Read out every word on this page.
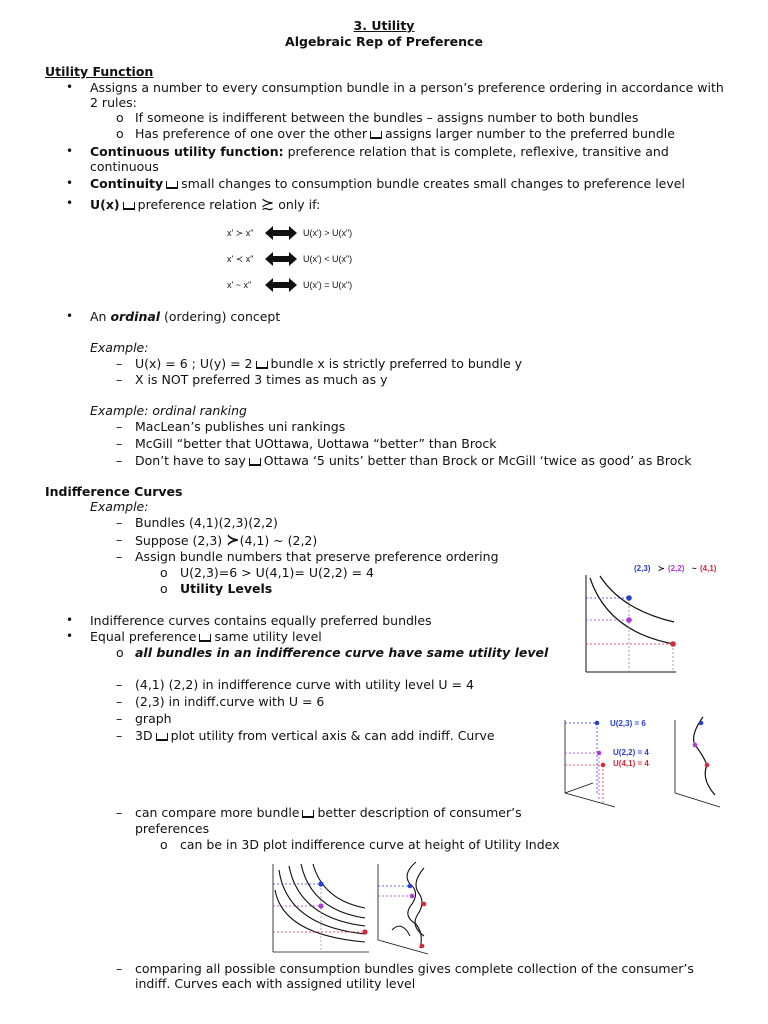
3. Utility
Algebraic Rep of Preference
Utility Function
• Assigns a number to every consumption bundle in a person’s preference ordering in accordance with
2 rules:
o If someone is indifferent between the bundles – assigns number to both bundles
o Has preference of one over the other assigns larger number to the preferred bundle
• Continuous utility function: preference relation that is complete, reflexive, transitive and
continuous
• Continuity small changes to consumption bundle creates small changes to preference level
• U(x) preference relation ≿ only if:
x' ≻ x"	U(x') > U(x")
x' ≺ x"	U(x') < U(x")
x' ~ x"	U(x') = U(x")
• An ordinal (ordering) concept
Example:
– U(x) = 6 ; U(y) = 2 bundle x is strictly preferred to bundle y
– X is NOT preferred 3 times as much as y
Example: ordinal ranking
– MacLean’s publishes uni rankings
– McGill “better that UOttawa, Uottawa “better” than Brock
– Don’t have to say Ottawa ‘5 units’ better than Brock or McGill ‘twice as good’ as Brock
Indifference Curves
Example:
– Bundles (4,1)(2,3)(2,2)
– Suppose (2,3) ≻(4,1) ~ (2,2)
– Assign bundle numbers that preserve preference ordering
o U(2,3)=6 > U(4,1)= U(2,2) = 4
o Utility Levels
• Indifference curves contains equally preferred bundles
• Equal preference same utility level
o all bundles in an indifference curve have same utility level
– (4,1) (2,2) in indifference curve with utility level U = 4
– (2,3) in indiff.curve with U = 6
– graph
– 3D plot utility from vertical axis & can add indiff. Curve
– can compare more bundle better description of consumer’s
preferences
o can be in 3D plot indifference curve at height of Utility Index
– comparing all possible consumption bundles gives complete collection of the consumer’s
indiff. Curves each with assigned utility level
(2,3) ≻ (2,2) ~ (4,1)
U(2,3) = 6
U(2,2) = 4
U(4,1) = 4
